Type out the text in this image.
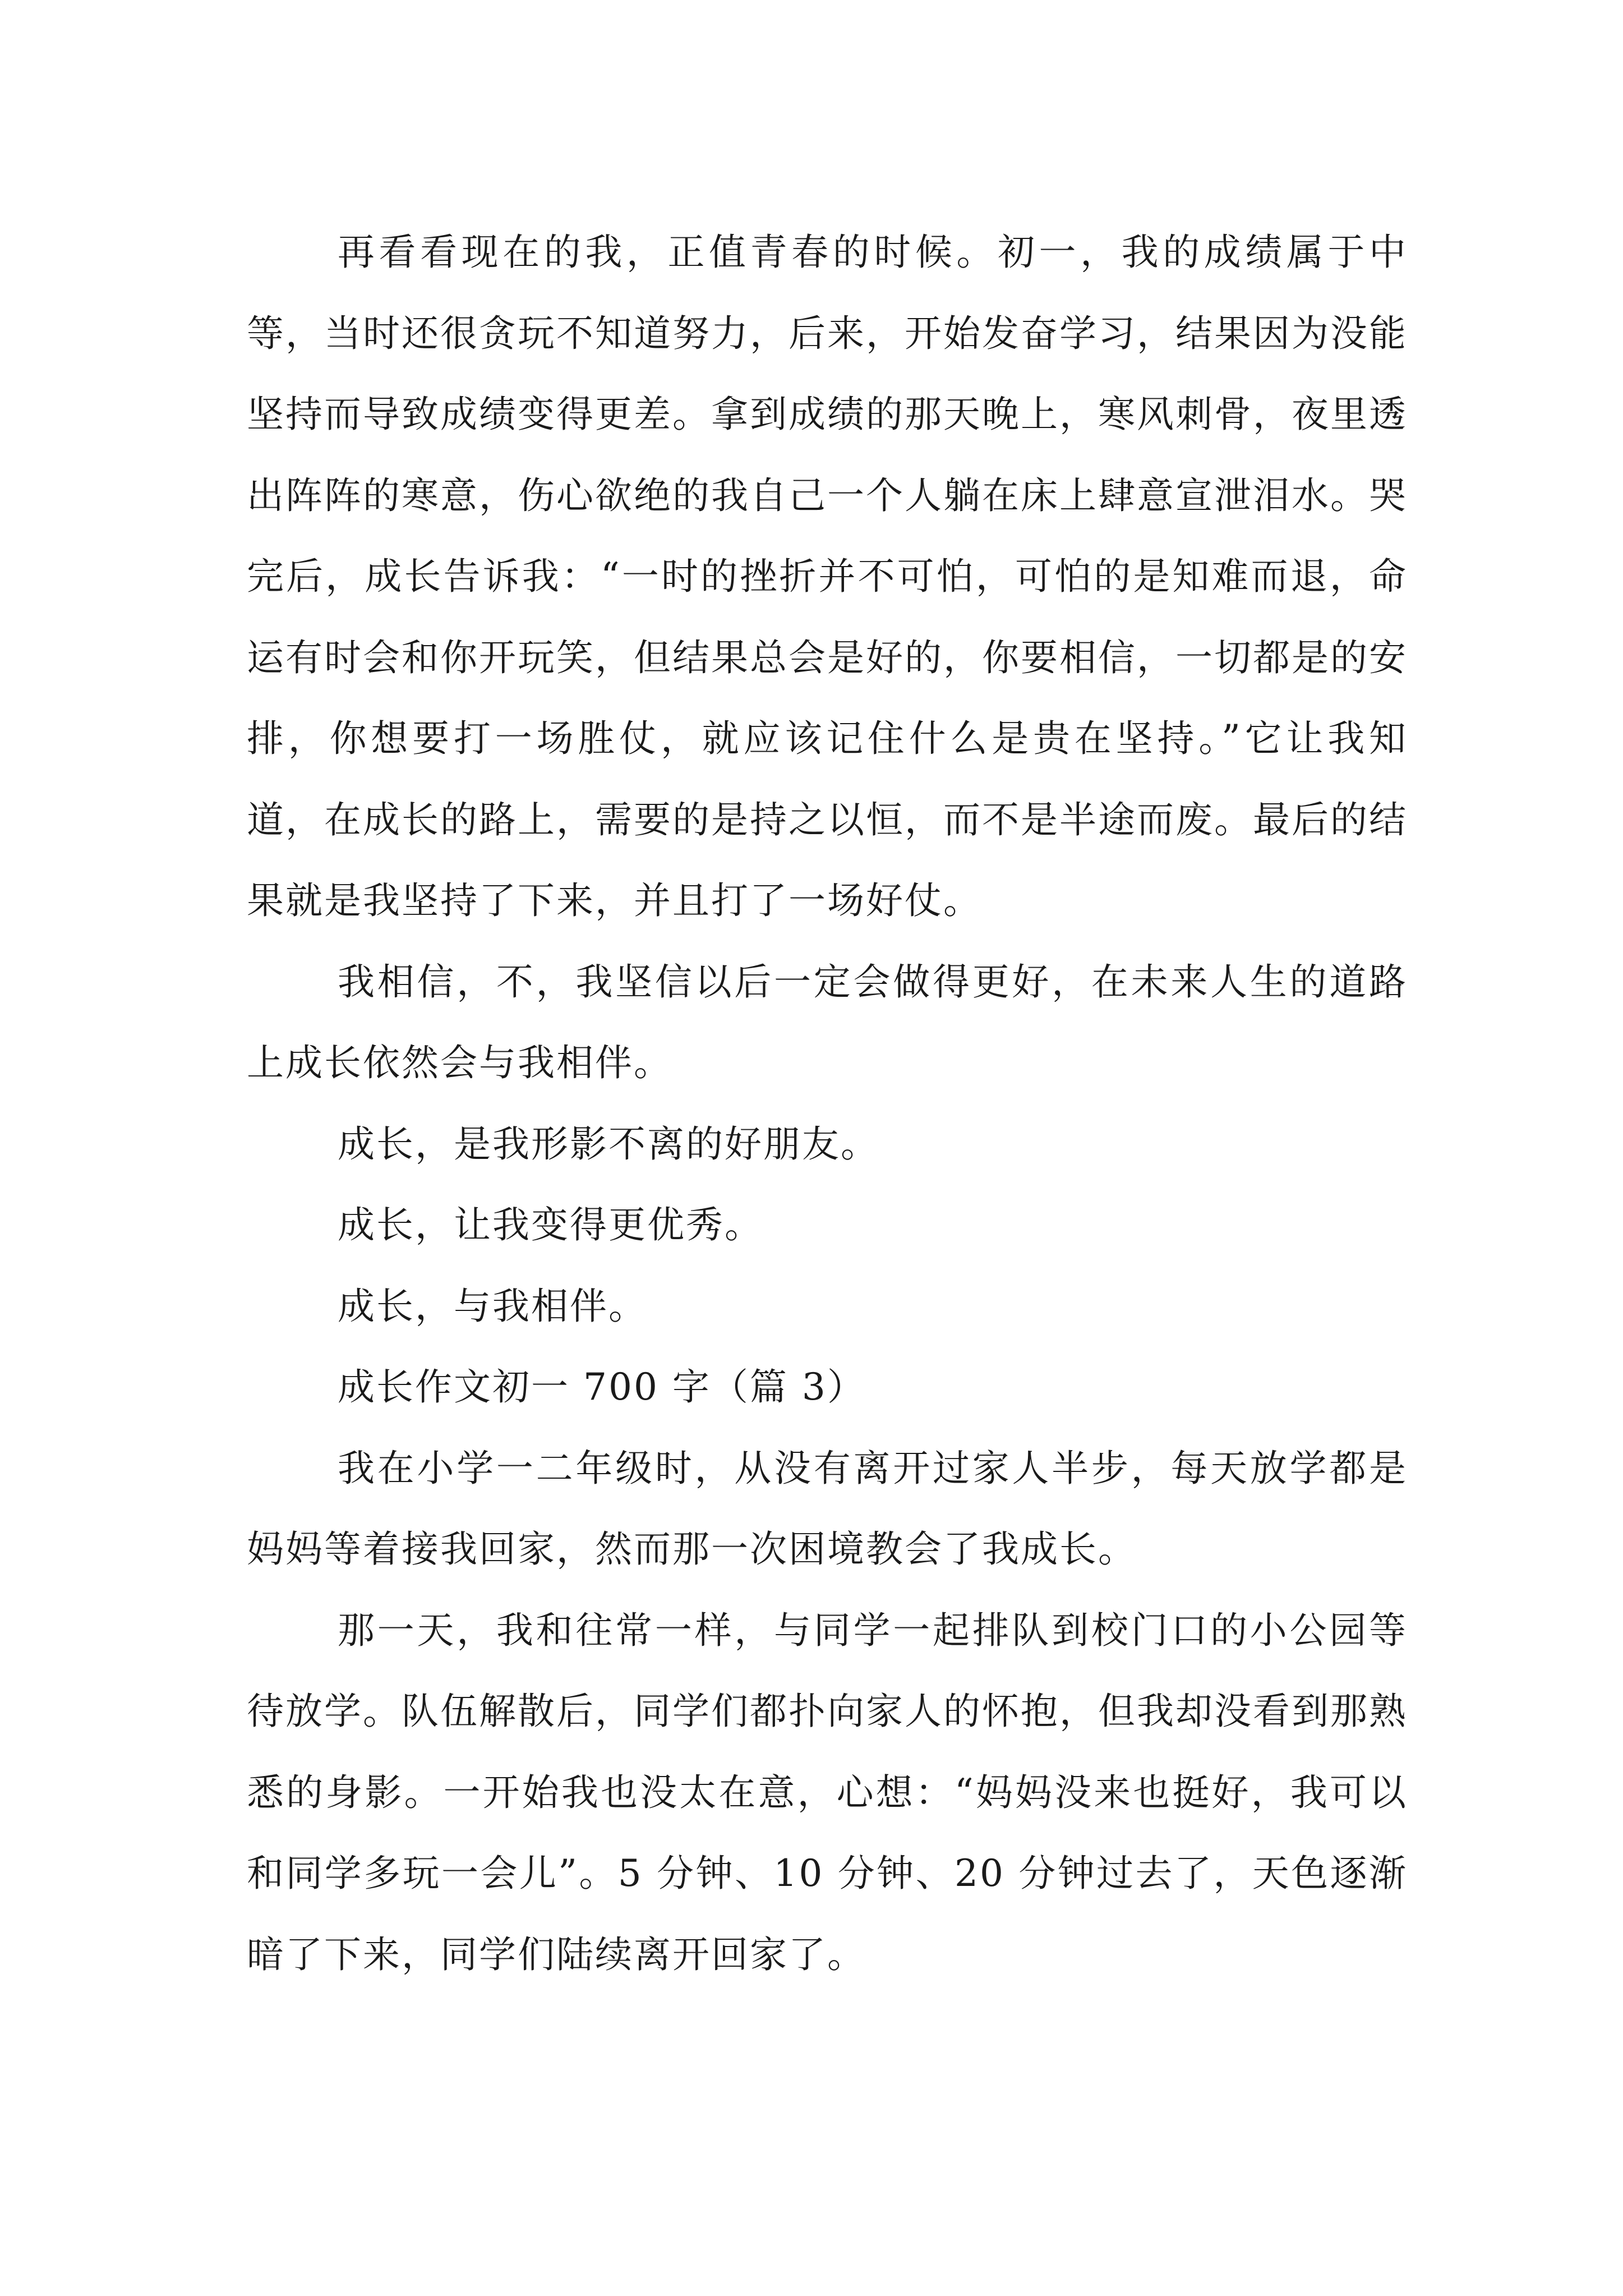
再看看现在的我，正值青春的时候。初一，我的成绩属于中等，当时还很贪玩不知道努力，后来，开始发奋学习，结果因为没能坚持而导致成绩变得更差。拿到成绩的那天晚上，寒风刺骨，夜里透出阵阵的寒意，伤心欲绝的我自己一个人躺在床上肆意宣泄泪水。哭完后，成长告诉我：“一时的挫折并不可怕，可怕的是知难而退，命运有时会和你开玩笑，但结果总会是好的，你要相信，一切都是的安排，你想要打一场胜仗，就应该记住什么是贵在坚持。”它让我知道，在成长的路上，需要的是持之以恒，而不是半途而废。最后的结果就是我坚持了下来，并且打了一场好仗。

我相信，不，我坚信以后一定会做得更好，在未来人生的道路上成长依然会与我相伴。

成长，是我形影不离的好朋友。

成长，让我变得更优秀。

成长，与我相伴。

成长作文初一 700 字（篇 3）

我在小学一二年级时，从没有离开过家人半步，每天放学都是妈妈等着接我回家，然而那一次困境教会了我成长。

那一天，我和往常一样，与同学一起排队到校门口的小公园等待放学。队伍解散后，同学们都扑向家人的怀抱，但我却没看到那熟悉的身影。一开始我也没太在意，心想：“妈妈没来也挺好，我可以和同学多玩一会儿”。5 分钟、10 分钟、20 分钟过去了，天色逐渐暗了下来，同学们陆续离开回家了。
